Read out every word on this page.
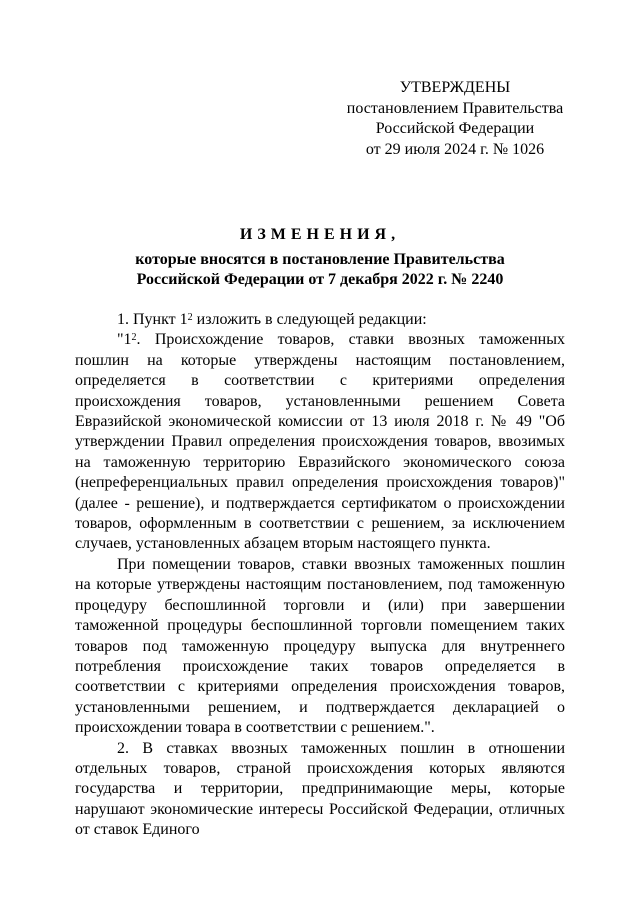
УТВЕРЖДЕНЫ
постановлением Правительства
Российской Федерации
от 29 июля 2024 г. № 1026
ИЗМЕНЕНИЯ,
которые вносятся в постановление Правительства
Российской Федерации от 7 декабря 2022 г. № 2240

1. Пункт $1^2$ изложить в следующей редакции:

"$1^2$. Происхождение товаров, ставки ввозных таможенных пошлин на которые утверждены настоящим постановлением, определяется в соответствии с критериями определения происхождения товаров, установленными решением Совета Евразийской экономической комиссии от 13 июля 2018 г. № 49 "Об утверждении Правил определения происхождения товаров, ввозимых на таможенную территорию Евразийского экономического союза (непреференциальных правил определения происхождения товаров)" (далее - решение), и подтверждается сертификатом о происхождении товаров, оформленным в соответствии с решением, за исключением случаев, установленных абзацем вторым настоящего пункта.

При помещении товаров, ставки ввозных таможенных пошлин на которые утверждены настоящим постановлением, под таможенную процедуру беспошлинной торговли и (или) при завершении таможенной процедуры беспошлинной торговли помещением таких товаров под таможенную процедуру выпуска для внутреннего потребления происхождение таких товаров определяется в соответствии с критериями определения происхождения товаров, установленными решением, и подтверждается декларацией о происхождении товара в соответствии с решением.".

2. В ставках ввозных таможенных пошлин в отношении отдельных товаров, страной происхождения которых являются государства и территории, предпринимающие меры, которые нарушают экономические интересы Российской Федерации, отличных от ставок Единого
